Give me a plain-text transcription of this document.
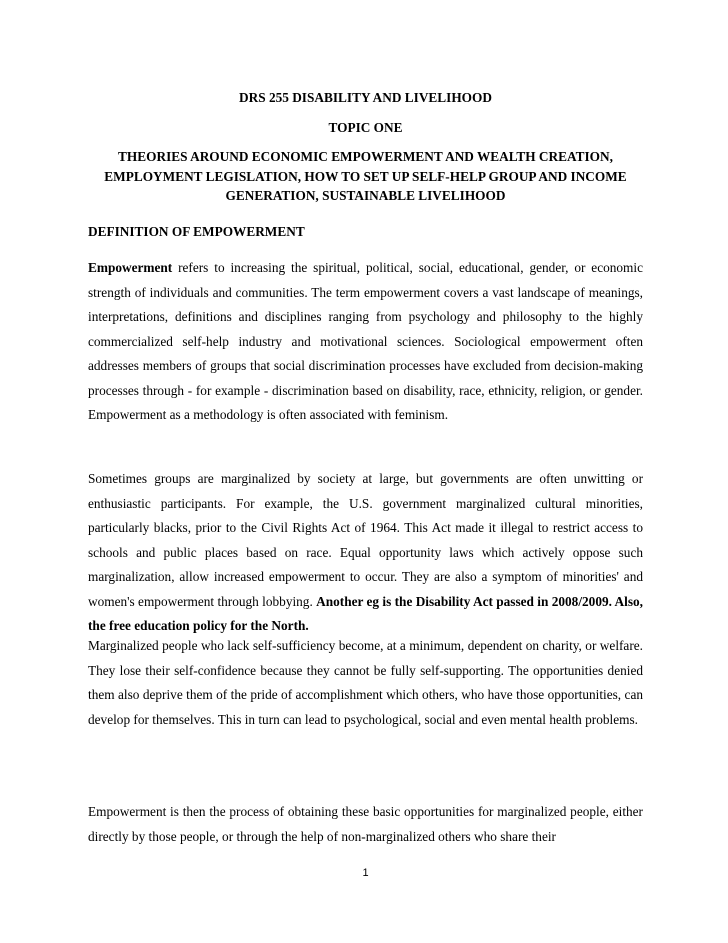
DRS 255 DISABILITY AND LIVELIHOOD
TOPIC ONE
THEORIES AROUND ECONOMIC EMPOWERMENT AND WEALTH CREATION, EMPLOYMENT LEGISLATION, HOW TO SET UP SELF-HELP GROUP AND INCOME GENERATION, SUSTAINABLE LIVELIHOOD
DEFINITION OF EMPOWERMENT

Empowerment refers to increasing the spiritual, political, social, educational, gender, or economic strength of individuals and communities. The term empowerment covers a vast landscape of meanings, interpretations, definitions and disciplines ranging from psychology and philosophy to the highly commercialized self-help industry and motivational sciences. Sociological empowerment often addresses members of groups that social discrimination processes have excluded from decision-making processes through - for example - discrimination based on disability, race, ethnicity, religion, or gender. Empowerment as a methodology is often associated with feminism.

Sometimes groups are marginalized by society at large, but governments are often unwitting or enthusiastic participants. For example, the U.S. government marginalized cultural minorities, particularly blacks, prior to the Civil Rights Act of 1964. This Act made it illegal to restrict access to schools and public places based on race. Equal opportunity laws which actively oppose such marginalization, allow increased empowerment to occur. They are also a symptom of minorities' and women's empowerment through lobbying. Another eg is the Disability Act passed in 2008/2009. Also, the free education policy for the North.

Marginalized people who lack self-sufficiency become, at a minimum, dependent on charity, or welfare. They lose their self-confidence because they cannot be fully self-supporting. The opportunities denied them also deprive them of the pride of accomplishment which others, who have those opportunities, can develop for themselves. This in turn can lead to psychological, social and even mental health problems.

Empowerment is then the process of obtaining these basic opportunities for marginalized people, either directly by those people, or through the help of non-marginalized others who share their

1
